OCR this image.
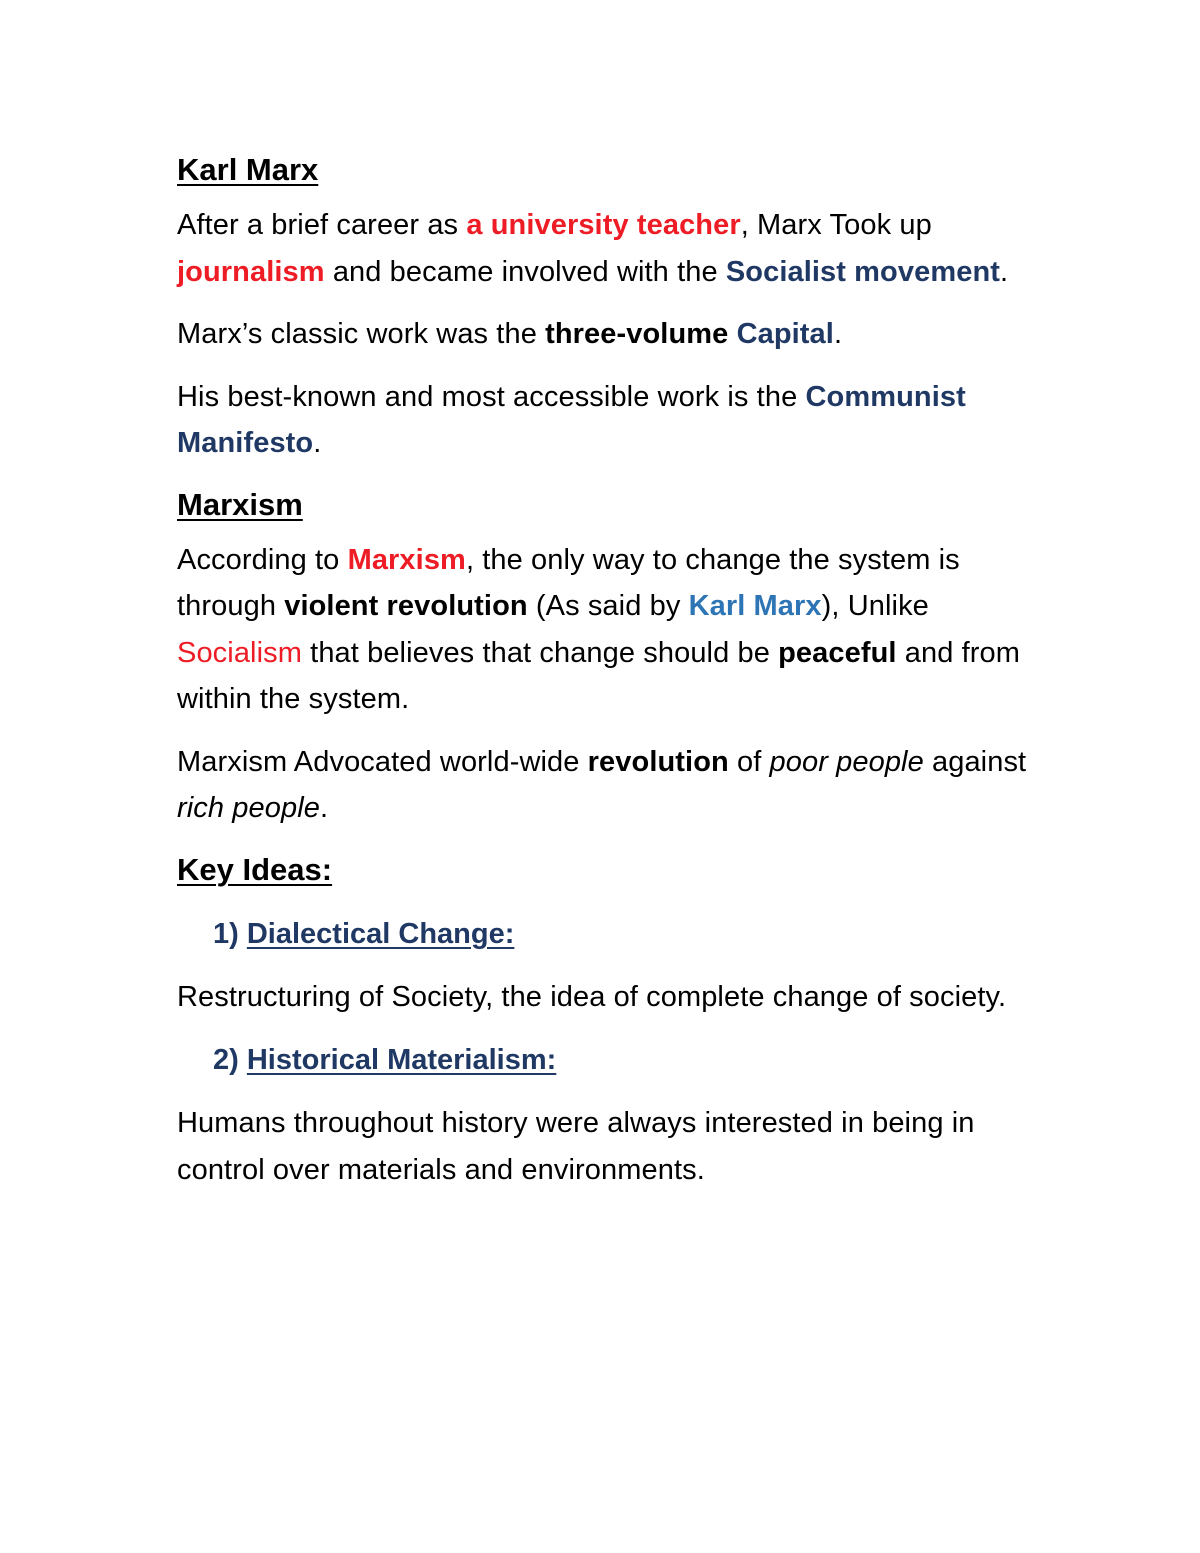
Karl Marx

After a brief career as a university teacher, Marx Took up journalism and became involved with the Socialist movement.

Marx’s classic work was the three-volume Capital.

His best-known and most accessible work is the Communist Manifesto.

Marxism

According to Marxism, the only way to change the system is through violent revolution (As said by Karl Marx), Unlike Socialism that believes that change should be peaceful and from within the system.

Marxism Advocated world-wide revolution of poor people against rich people.

Key Ideas:
1) Dialectical Change:

Restructuring of Society, the idea of complete change of society.

2) Historical Materialism:

Humans throughout history were always interested in being in control over materials and environments.
